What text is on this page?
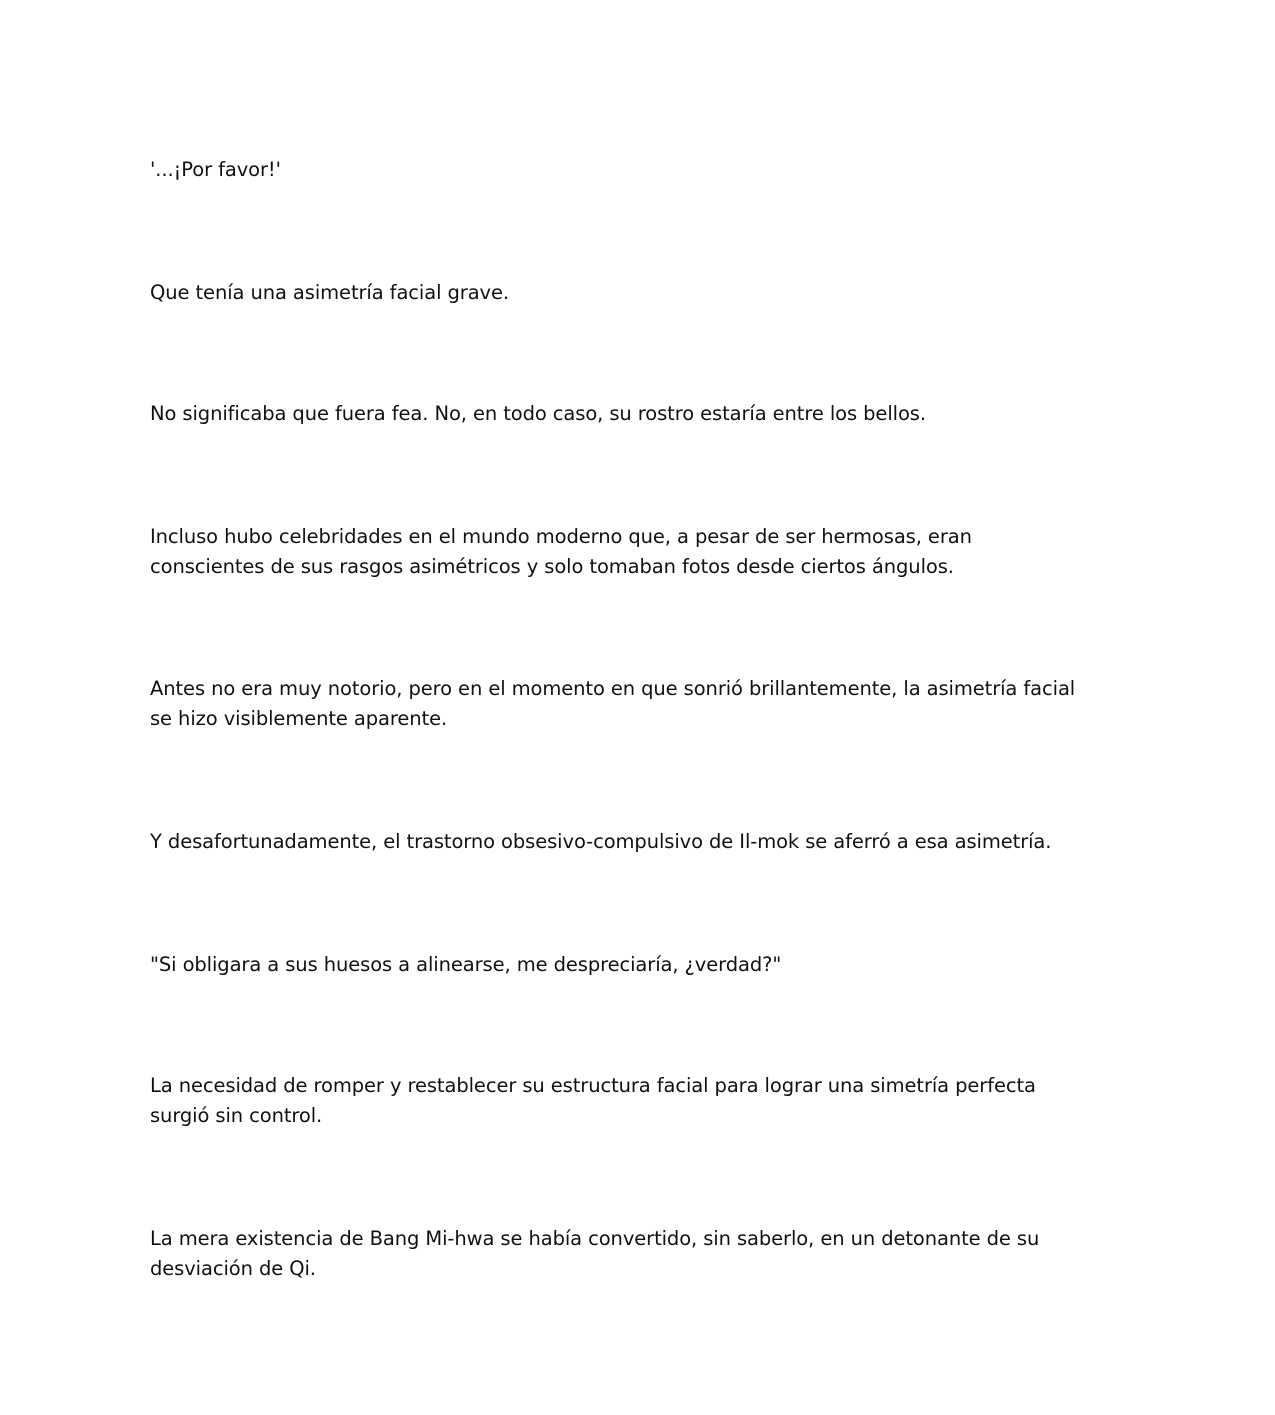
'...¡Por favor!'

Que tenía una asimetría facial grave.

No significaba que fuera fea. No, en todo caso, su rostro estaría entre los bellos.

Incluso hubo celebridades en el mundo moderno que, a pesar de ser hermosas, eran
conscientes de sus rasgos asimétricos y solo tomaban fotos desde ciertos ángulos.

Antes no era muy notorio, pero en el momento en que sonrió brillantemente, la asimetría facial
se hizo visiblemente aparente.

Y desafortunadamente, el trastorno obsesivo-compulsivo de Il-mok se aferró a esa asimetría.

"Si obligara a sus huesos a alinearse, me despreciaría, ¿verdad?"

La necesidad de romper y restablecer su estructura facial para lograr una simetría perfecta
surgió sin control.

La mera existencia de Bang Mi-hwa se había convertido, sin saberlo, en un detonante de su
desviación de Qi.
